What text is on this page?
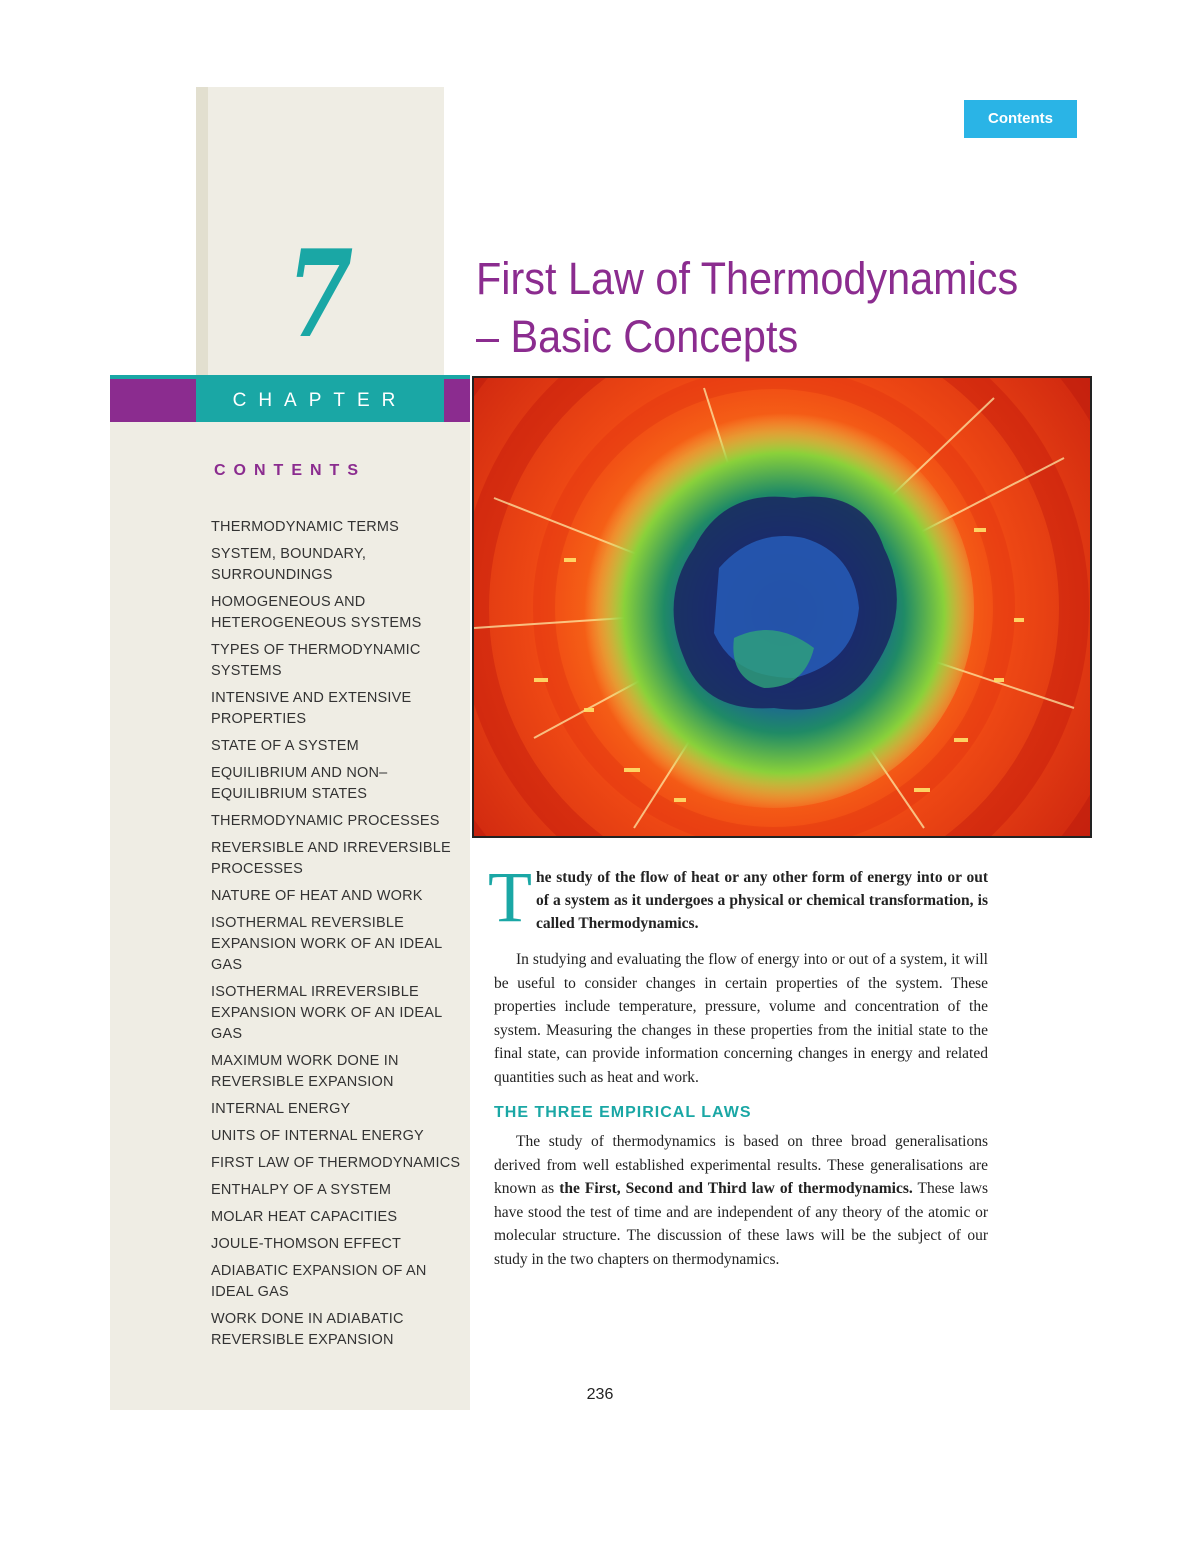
7
CHAPTER
CONTENTS
THERMODYNAMIC TERMS
SYSTEM, BOUNDARY, SURROUNDINGS
HOMOGENEOUS AND HETEROGENEOUS SYSTEMS
TYPES OF THERMODYNAMIC SYSTEMS
INTENSIVE AND EXTENSIVE PROPERTIES
STATE OF A SYSTEM
EQUILIBRIUM AND NON– EQUILIBRIUM STATES
THERMODYNAMIC PROCESSES
REVERSIBLE AND IRREVERSIBLE PROCESSES
NATURE OF HEAT AND WORK
ISOTHERMAL REVERSIBLE EXPANSION WORK OF AN IDEAL GAS
ISOTHERMAL IRREVERSIBLE EXPANSION WORK OF AN IDEAL GAS
MAXIMUM WORK DONE IN REVERSIBLE EXPANSION
INTERNAL ENERGY
UNITS OF INTERNAL ENERGY
FIRST LAW OF THERMODYNAMICS
ENTHALPY OF A SYSTEM
MOLAR HEAT CAPACITIES
JOULE-THOMSON EFFECT
ADIABATIC EXPANSION OF AN IDEAL GAS
WORK DONE IN ADIABATIC REVERSIBLE EXPANSION
Contents
First Law of Thermodynamics
– Basic Concepts

T he study of the flow of heat or any other form of energy into or out of a system as it undergoes a physical or chemical transformation, is called Thermodynamics.

In studying and evaluating the flow of energy into or out of a system, it will be useful to consider changes in certain properties of the system. These properties include temperature, pressure, volume and concentration of the system. Measuring the changes in these properties from the initial state to the final state, can provide information concerning changes in energy and related quantities such as heat and work.

THE THREE EMPIRICAL LAWS

The study of thermodynamics is based on three broad generalisations derived from well established experimental results. These generalisations are known as the First, Second and Third law of thermodynamics. These laws have stood the test of time and are independent of any theory of the atomic or molecular structure. The discussion of these laws will be the subject of our study in the two chapters on thermodynamics.

236
